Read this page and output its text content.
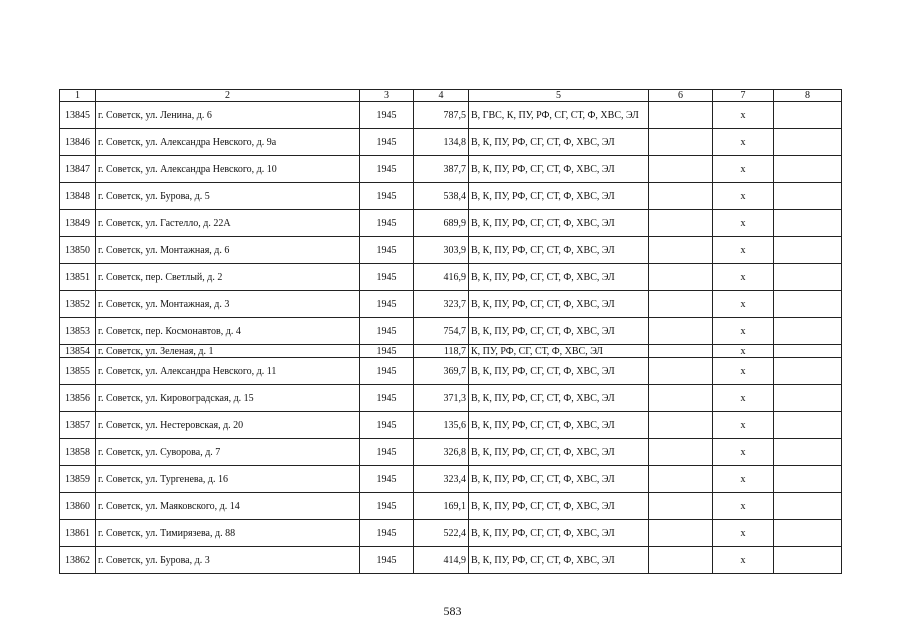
1	2	3	4	5	6	7	8
13845	г. Советск, ул. Ленина, д. 6	1945	787,5	В, ГВС, К, ПУ, РФ, СГ, СТ, Ф, ХВС, ЭЛ		x	
13846	г. Советск, ул. Александра Невского, д. 9а	1945	134,8	В, К, ПУ, РФ, СГ, СТ, Ф, ХВС, ЭЛ		x	
13847	г. Советск, ул. Александра Невского, д. 10	1945	387,7	В, К, ПУ, РФ, СГ, СТ, Ф, ХВС, ЭЛ		x	
13848	г. Советск, ул. Бурова, д. 5	1945	538,4	В, К, ПУ, РФ, СГ, СТ, Ф, ХВС, ЭЛ		x	
13849	г. Советск, ул. Гастелло, д. 22А	1945	689,9	В, К, ПУ, РФ, СГ, СТ, Ф, ХВС, ЭЛ		x	
13850	г. Советск, ул. Монтажная, д. 6	1945	303,9	В, К, ПУ, РФ, СГ, СТ, Ф, ХВС, ЭЛ		x	
13851	г. Советск, пер. Светлый, д. 2	1945	416,9	В, К, ПУ, РФ, СГ, СТ, Ф, ХВС, ЭЛ		x	
13852	г. Советск, ул. Монтажная, д. 3	1945	323,7	В, К, ПУ, РФ, СГ, СТ, Ф, ХВС, ЭЛ		x	
13853	г. Советск, пер. Космонавтов, д. 4	1945	754,7	В, К, ПУ, РФ, СГ, СТ, Ф, ХВС, ЭЛ		x	
13854	г. Советск, ул. Зеленая, д. 1	1945	118,7	К, ПУ, РФ, СГ, СТ, Ф, ХВС, ЭЛ		x	
13855	г. Советск, ул. Александра Невского, д. 11	1945	369,7	В, К, ПУ, РФ, СГ, СТ, Ф, ХВС, ЭЛ		x	
13856	г. Советск, ул. Кировоградская, д. 15	1945	371,3	В, К, ПУ, РФ, СГ, СТ, Ф, ХВС, ЭЛ		x	
13857	г. Советск, ул. Нестеровская, д. 20	1945	135,6	В, К, ПУ, РФ, СГ, СТ, Ф, ХВС, ЭЛ		x	
13858	г. Советск, ул. Суворова, д. 7	1945	326,8	В, К, ПУ, РФ, СГ, СТ, Ф, ХВС, ЭЛ		x	
13859	г. Советск, ул. Тургенева, д. 16	1945	323,4	В, К, ПУ, РФ, СГ, СТ, Ф, ХВС, ЭЛ		x	
13860	г. Советск, ул. Маяковского, д. 14	1945	169,1	В, К, ПУ, РФ, СГ, СТ, Ф, ХВС, ЭЛ		x	
13861	г. Советск, ул. Тимирязева, д. 88	1945	522,4	В, К, ПУ, РФ, СГ, СТ, Ф, ХВС, ЭЛ		x	
13862	г. Советск, ул. Бурова, д. 3	1945	414,9	В, К, ПУ, РФ, СГ, СТ, Ф, ХВС, ЭЛ		x	
583
